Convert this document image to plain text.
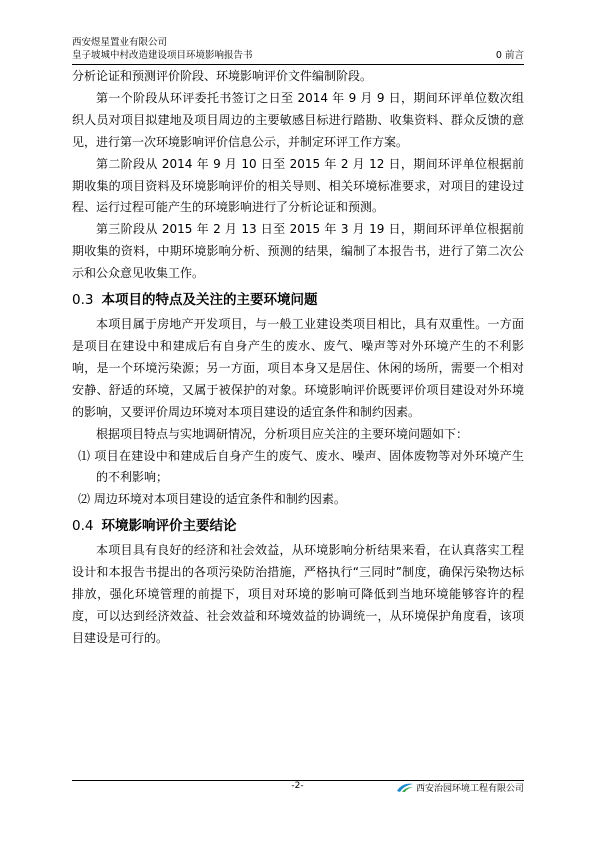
西安煜星置业有限公司
皇子坡城中村改造建设项目环境影响报告书	0 前言

分析论证和预测评价阶段、环境影响评价文件编制阶段。

第一个阶段从环评委托书签订之日至 2014 年 9 月 9 日，期间环评单位数次组织人员对项目拟建地及项目周边的主要敏感目标进行踏勘、收集资料、群众反馈的意见，进行第一次环境影响评价信息公示，并制定环评工作方案。

第二阶段从 2014 年 9 月 10 日至 2015 年 2 月 12 日，期间环评单位根据前期收集的项目资料及环境影响评价的相关导则、相关环境标准要求，对项目的建设过程、运行过程可能产生的环境影响进行了分析论证和预测。

第三阶段从 2015 年 2 月 13 日至 2015 年 3 月 19 日，期间环评单位根据前期收集的资料，中期环境影响分析、预测的结果，编制了本报告书，进行了第二次公示和公众意见收集工作。

0.3 本项目的特点及关注的主要环境问题

本项目属于房地产开发项目，与一般工业建设类项目相比，具有双重性。一方面是项目在建设中和建成后有自身产生的废水、废气、噪声等对外环境产生的不利影响，是一个环境污染源；另一方面，项目本身又是居住、休闲的场所，需要一个相对安静、舒适的环境，又属于被保护的对象。环境影响评价既要评价项目建设对外环境的影响，又要评价周边环境对本项目建设的适宜条件和制约因素。

根据项目特点与实地调研情况，分析项目应关注的主要环境问题如下：

⑴ 项目在建设中和建成后自身产生的废气、废水、噪声、固体废物等对外环境产生的不利影响；

⑵ 周边环境对本项目建设的适宜条件和制约因素。

0.4 环境影响评价主要结论

本项目具有良好的经济和社会效益，从环境影响分析结果来看，在认真落实工程设计和本报告书提出的各项污染防治措施，严格执行“三同时”制度，确保污染物达标排放，强化环境管理的前提下，项目对环境的影响可降低到当地环境能够容许的程度，可以达到经济效益、社会效益和环境效益的协调统一，从环境保护角度看，该项目建设是可行的。

-2-	西安治园环境工程有限公司
